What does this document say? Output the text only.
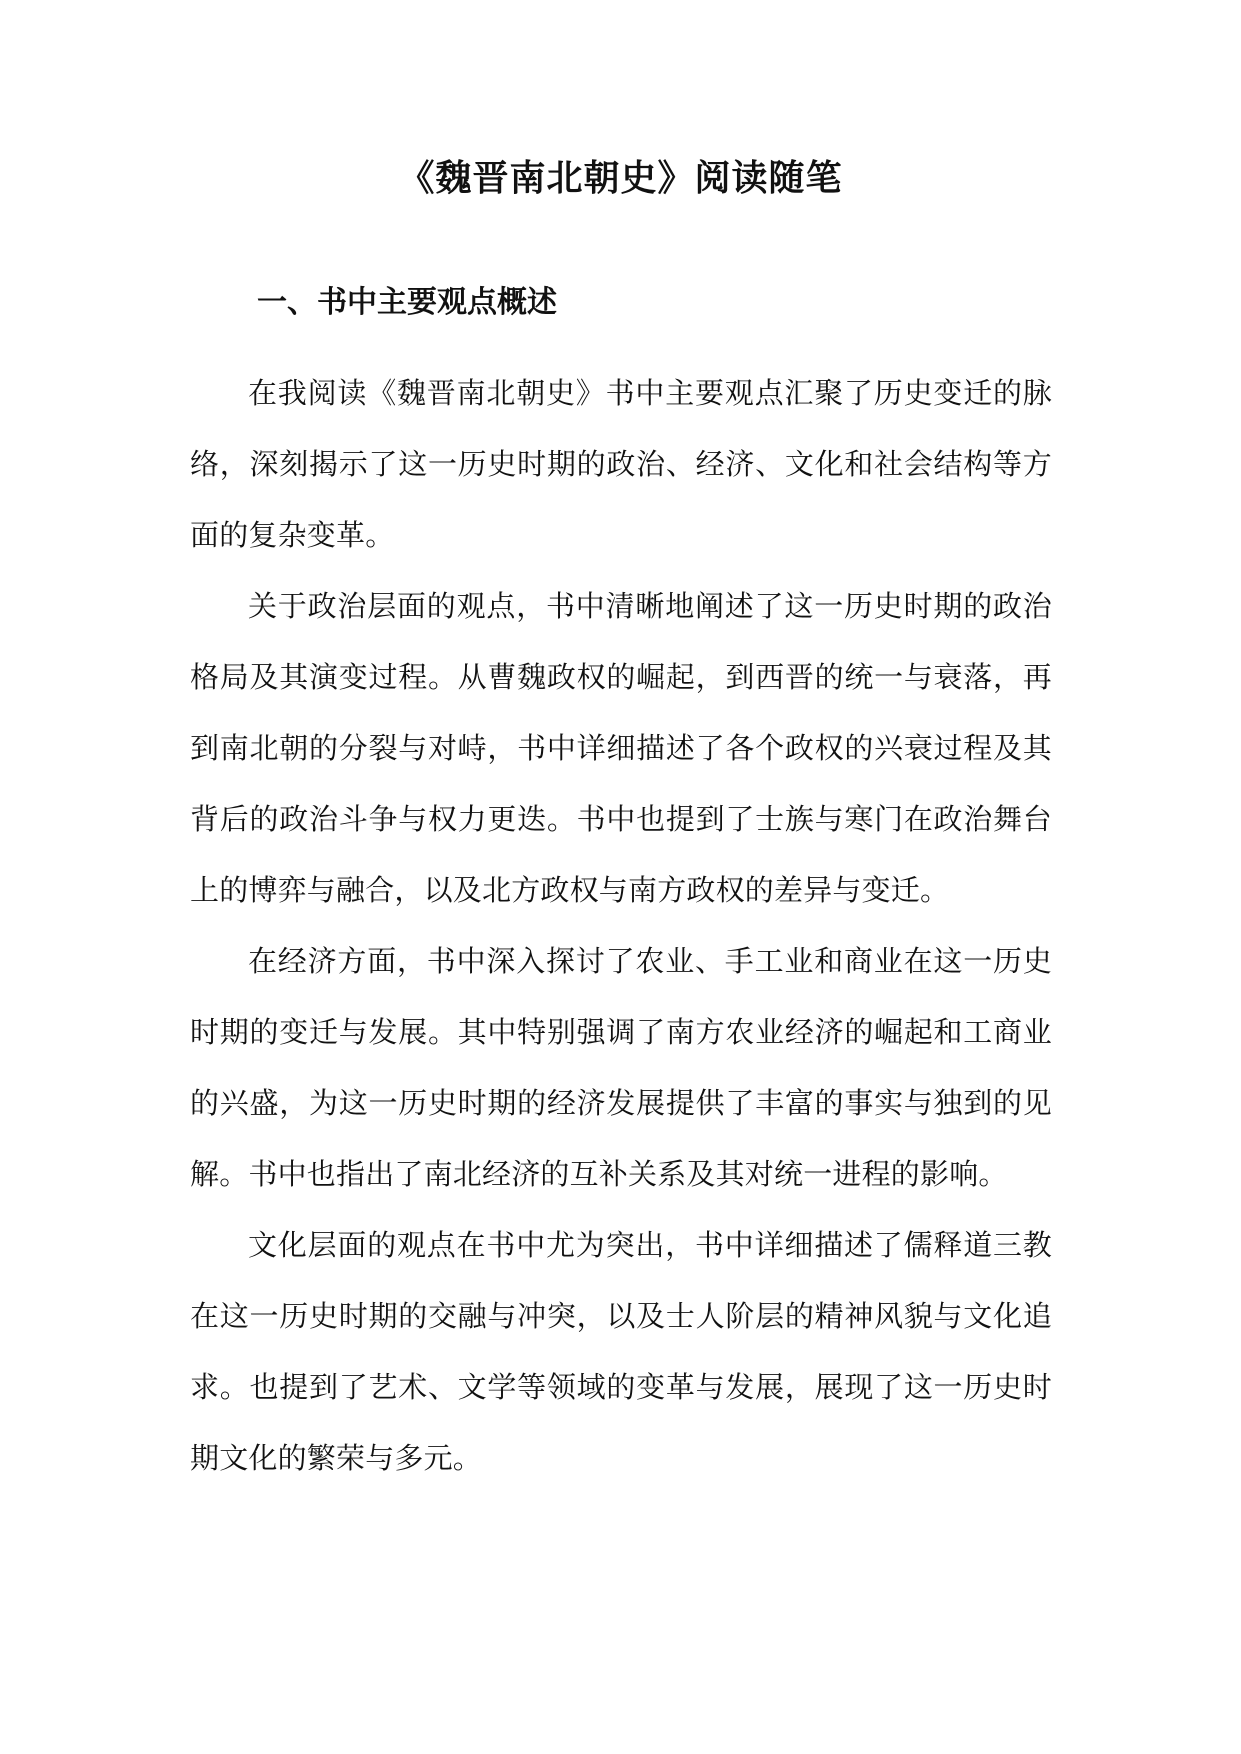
《魏晋南北朝史》阅读随笔
一、书中主要观点概述

在我阅读《魏晋南北朝史》书中主要观点汇聚了历史变迁的脉络，深刻揭示了这一历史时期的政治、经济、文化和社会结构等方面的复杂变革。

关于政治层面的观点，书中清晰地阐述了这一历史时期的政治格局及其演变过程。从曹魏政权的崛起，到西晋的统一与衰落，再到南北朝的分裂与对峙，书中详细描述了各个政权的兴衰过程及其背后的政治斗争与权力更迭。书中也提到了士族与寒门在政治舞台上的博弈与融合，以及北方政权与南方政权的差异与变迁。

在经济方面，书中深入探讨了农业、手工业和商业在这一历史时期的变迁与发展。其中特别强调了南方农业经济的崛起和工商业的兴盛，为这一历史时期的经济发展提供了丰富的事实与独到的见解。书中也指出了南北经济的互补关系及其对统一进程的影响。

文化层面的观点在书中尤为突出，书中详细描述了儒释道三教在这一历史时期的交融与冲突，以及士人阶层的精神风貌与文化追求。也提到了艺术、文学等领域的变革与发展，展现了这一历史时期文化的繁荣与多元。
